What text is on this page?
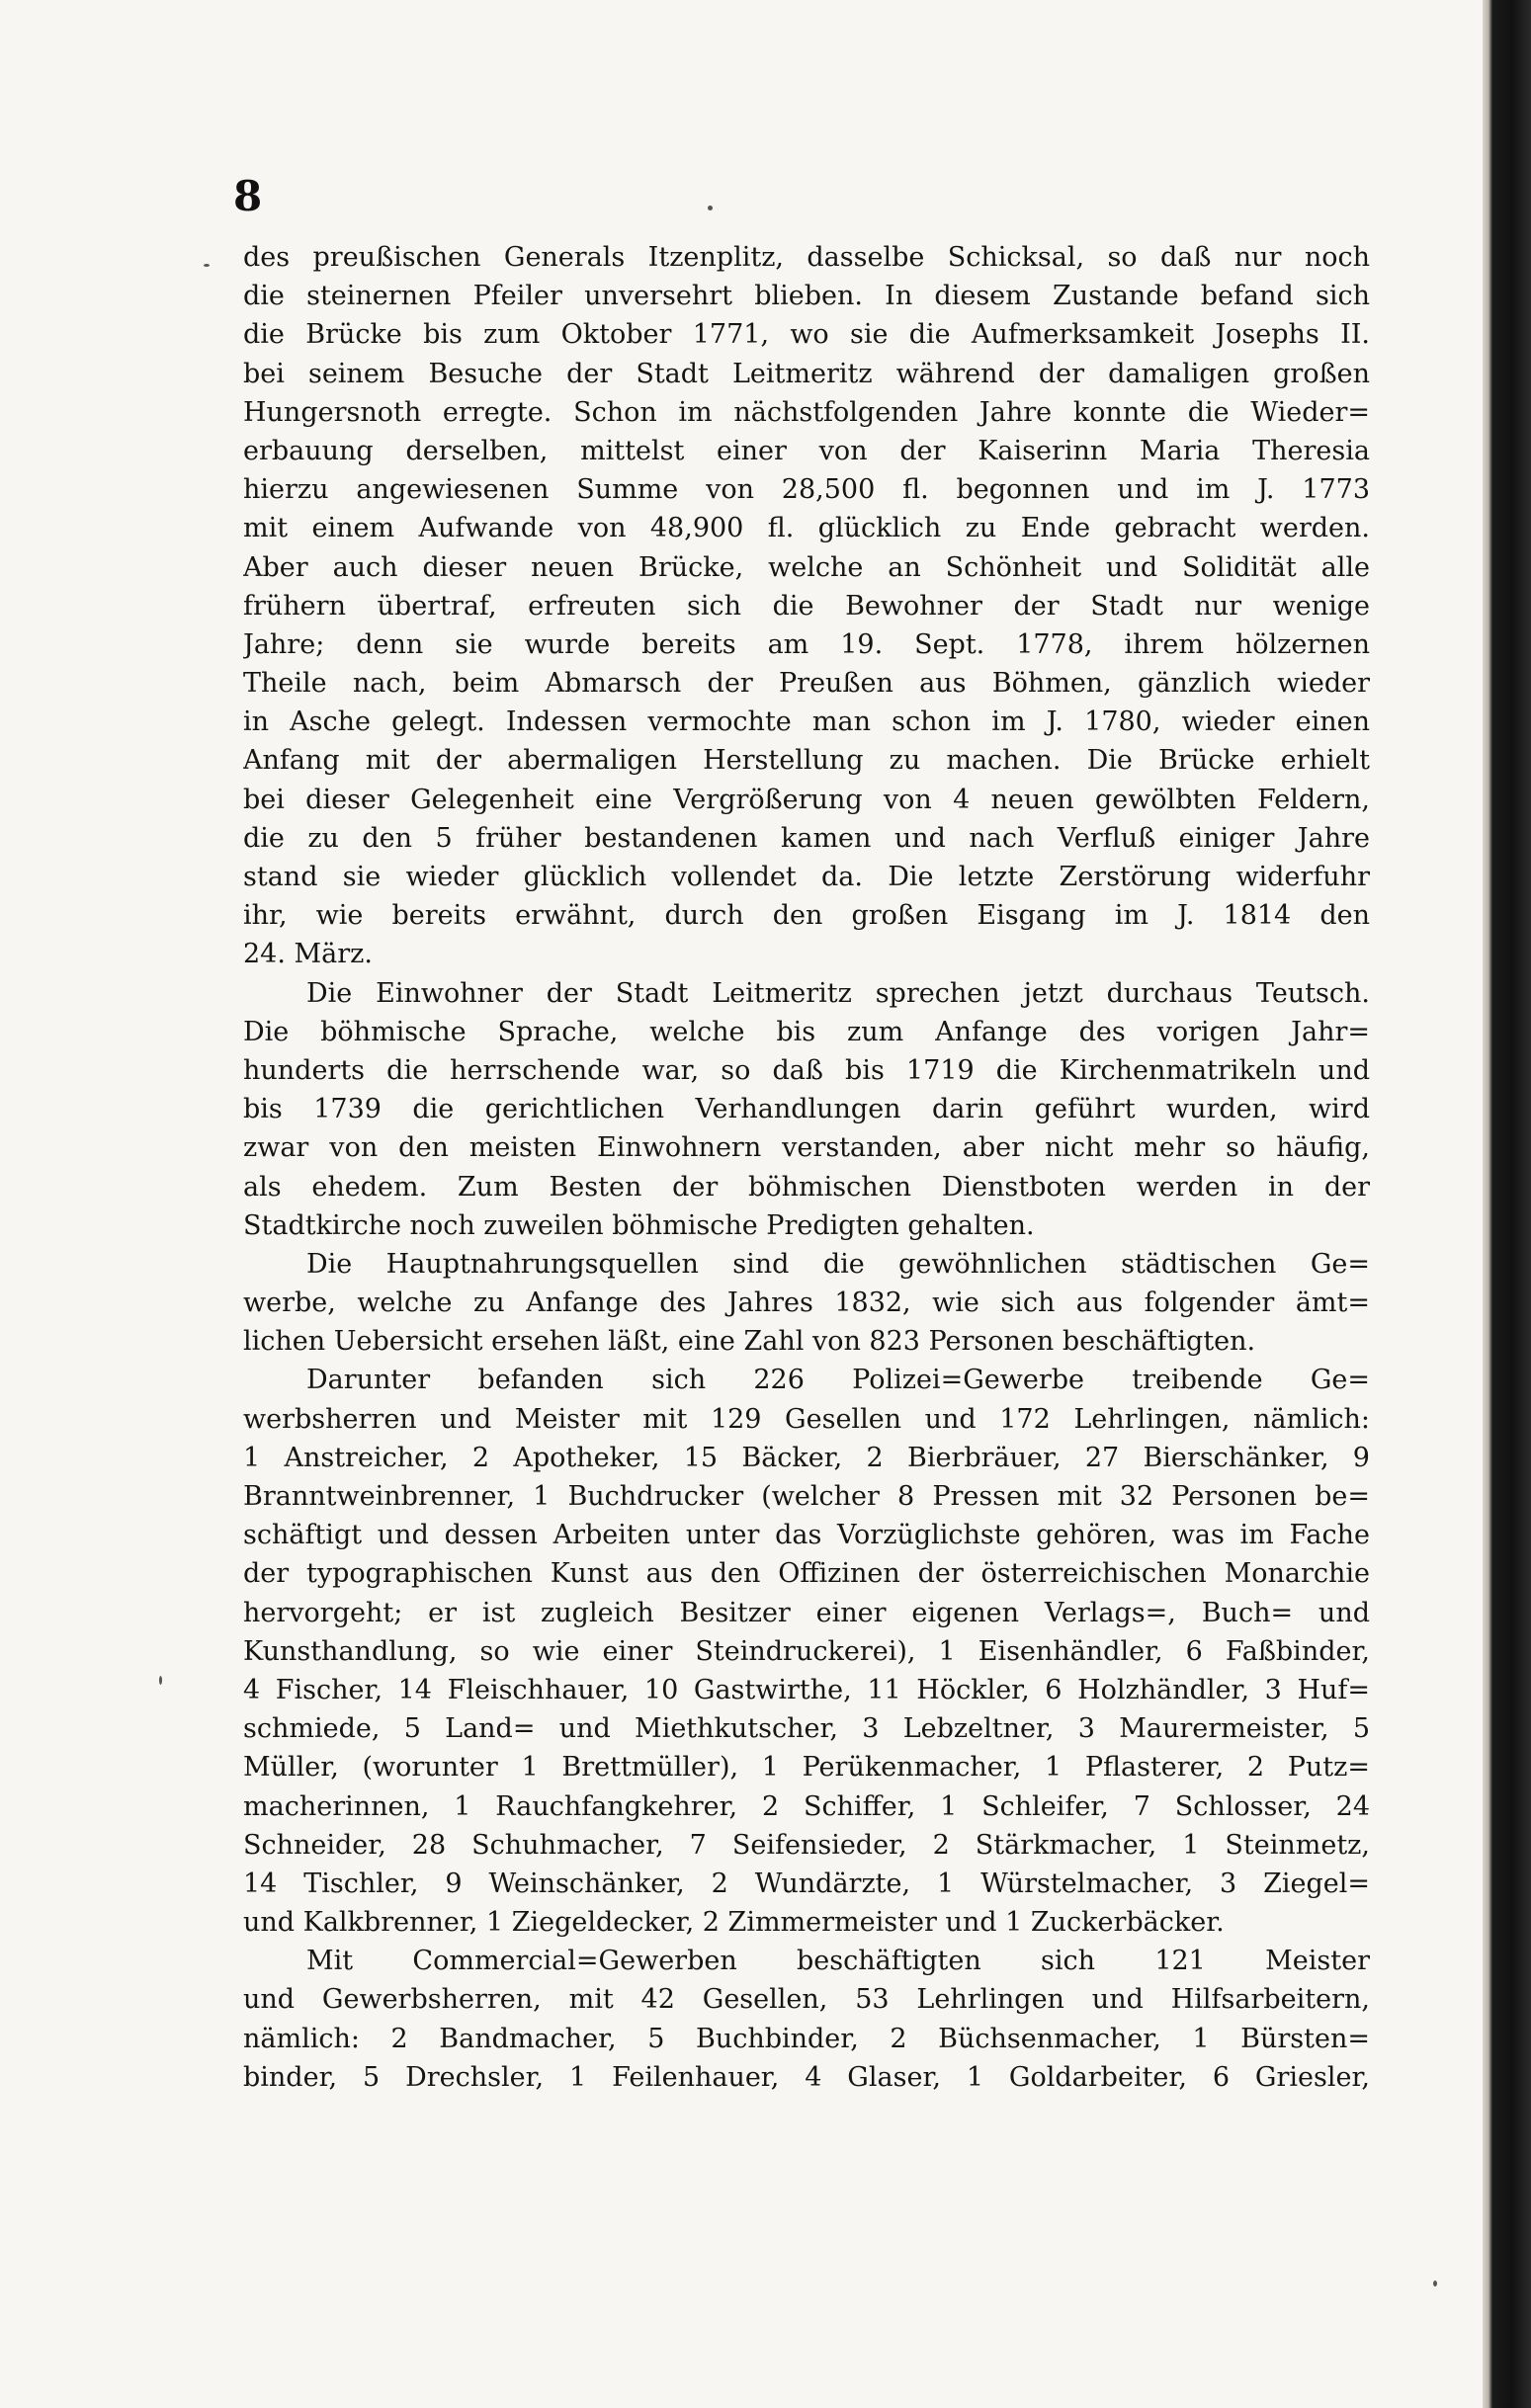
8
des preußischen Generals Itzenplitz, dasselbe Schicksal, so daß nur noch
die steinernen Pfeiler unversehrt blieben. In diesem Zustande befand sich
die Brücke bis zum Oktober 1771, wo sie die Aufmerksamkeit Josephs II.
bei seinem Besuche der Stadt Leitmeritz während der damaligen großen
Hungersnoth erregte. Schon im nächstfolgenden Jahre konnte die Wieder=
erbauung derselben, mittelst einer von der Kaiserinn Maria Theresia
hierzu angewiesenen Summe von 28,500 fl. begonnen und im J. 1773
mit einem Aufwande von 48,900 fl. glücklich zu Ende gebracht werden.
Aber auch dieser neuen Brücke, welche an Schönheit und Solidität alle
frühern übertraf, erfreuten sich die Bewohner der Stadt nur wenige
Jahre; denn sie wurde bereits am 19. Sept. 1778, ihrem hölzernen
Theile nach, beim Abmarsch der Preußen aus Böhmen, gänzlich wieder
in Asche gelegt. Indessen vermochte man schon im J. 1780, wieder einen
Anfang mit der abermaligen Herstellung zu machen. Die Brücke erhielt
bei dieser Gelegenheit eine Vergrößerung von 4 neuen gewölbten Feldern,
die zu den 5 früher bestandenen kamen und nach Verfluß einiger Jahre
stand sie wieder glücklich vollendet da. Die letzte Zerstörung widerfuhr
ihr, wie bereits erwähnt, durch den großen Eisgang im J. 1814 den
24. März.
Die Einwohner der Stadt Leitmeritz sprechen jetzt durchaus Teutsch.
Die böhmische Sprache, welche bis zum Anfange des vorigen Jahr=
hunderts die herrschende war, so daß bis 1719 die Kirchenmatrikeln und
bis 1739 die gerichtlichen Verhandlungen darin geführt wurden, wird
zwar von den meisten Einwohnern verstanden, aber nicht mehr so häufig,
als ehedem. Zum Besten der böhmischen Dienstboten werden in der
Stadtkirche noch zuweilen böhmische Predigten gehalten.
Die Hauptnahrungsquellen sind die gewöhnlichen städtischen Ge=
werbe, welche zu Anfange des Jahres 1832, wie sich aus folgender ämt=
lichen Uebersicht ersehen läßt, eine Zahl von 823 Personen beschäftigten.
Darunter befanden sich 226 Polizei=Gewerbe treibende Ge=
werbsherren und Meister mit 129 Gesellen und 172 Lehrlingen, nämlich:
1 Anstreicher, 2 Apotheker, 15 Bäcker, 2 Bierbräuer, 27 Bierschänker, 9
Branntweinbrenner, 1 Buchdrucker (welcher 8 Pressen mit 32 Personen be=
schäftigt und dessen Arbeiten unter das Vorzüglichste gehören, was im Fache
der typographischen Kunst aus den Offizinen der österreichischen Monarchie
hervorgeht; er ist zugleich Besitzer einer eigenen Verlags=, Buch= und
Kunsthandlung, so wie einer Steindruckerei), 1 Eisenhändler, 6 Faßbinder,
4 Fischer, 14 Fleischhauer, 10 Gastwirthe, 11 Höckler, 6 Holzhändler, 3 Huf=
schmiede, 5 Land= und Miethkutscher, 3 Lebzeltner, 3 Maurermeister, 5
Müller, (worunter 1 Brettmüller), 1 Perükenmacher, 1 Pflasterer, 2 Putz=
macherinnen, 1 Rauchfangkehrer, 2 Schiffer, 1 Schleifer, 7 Schlosser, 24
Schneider, 28 Schuhmacher, 7 Seifensieder, 2 Stärkmacher, 1 Steinmetz,
14 Tischler, 9 Weinschänker, 2 Wundärzte, 1 Würstelmacher, 3 Ziegel=
und Kalkbrenner, 1 Ziegeldecker, 2 Zimmermeister und 1 Zuckerbäcker.
Mit Commercial=Gewerben beschäftigten sich 121 Meister
und Gewerbsherren, mit 42 Gesellen, 53 Lehrlingen und Hilfsarbeitern,
nämlich: 2 Bandmacher, 5 Buchbinder, 2 Büchsenmacher, 1 Bürsten=
binder, 5 Drechsler, 1 Feilenhauer, 4 Glaser, 1 Goldarbeiter, 6 Griesler,
